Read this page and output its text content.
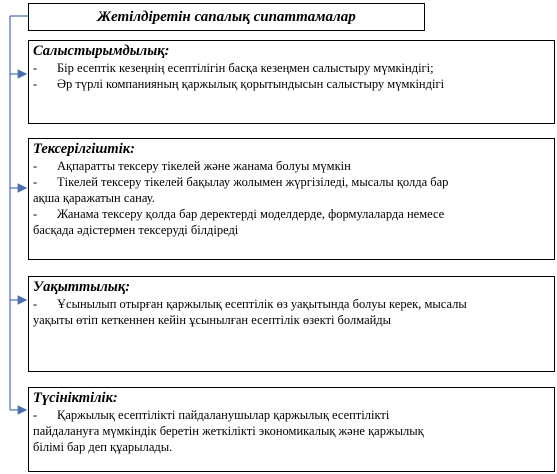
Жетілдіретін сапалық сипаттамалар
Салыстырымдылық:
- Бір есептік кезеңнің есептілігін басқа кезеңмен салыстыру мүмкіндігі;
- Әр түрлі компанияның қаржылық қорытындысын салыстыру мүмкіндігі
Тексерілгіштік:
- Ақпаратты тексеру тікелей және жанама болуы мүмкін
- Тікелей тексеру тікелей бақылау жолымен жүргізіледі, мысалы қолда бар
ақша қаражатын санау.
- Жанама тексеру қолда бар деректерді моделдерде, формулаларда немесе
басқада әдістермен тексеруді білдіреді
Уақыттылық:
- Ұсынылып отырған қаржылық есептілік өз уақытында болуы керек, мысалы
уақыты өтіп кеткеннен кейін ұсынылған есептілік өзекті болмайды
Түсініктілік:
- Қаржылық есептілікті пайдаланушылар қаржылық есептілікті
пайдалануға мүмкіндік беретін жеткілікті экономикалық және қаржылық
білімі бар деп құарылады.
